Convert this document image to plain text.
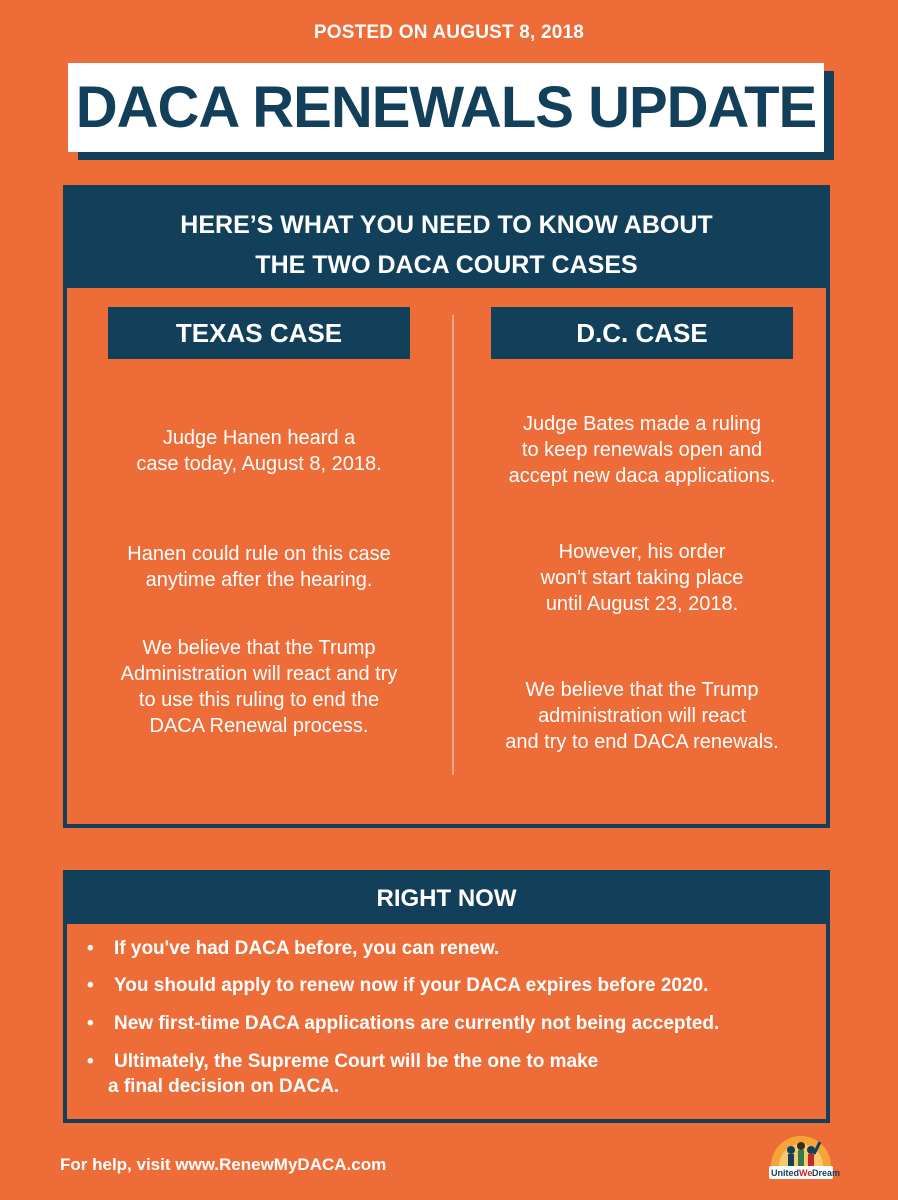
POSTED ON AUGUST 8, 2018
DACA RENEWALS UPDATE
HERE’S WHAT YOU NEED TO KNOW ABOUT
THE TWO DACA COURT CASES
TEXAS CASE	D.C. CASE
Judge Hanen heard a
case today, August 8, 2018.
Hanen could rule on this case
anytime after the hearing.
We believe that the Trump
Administration will react and try
to use this ruling to end the
DACA Renewal process.
Judge Bates made a ruling
to keep renewals open and
accept new daca applications.
However, his order
won't start taking place
until August 23, 2018.
We believe that the Trump
administration will react
and try to end DACA renewals.
RIGHT NOW
• If you've had DACA before, you can renew.
• You should apply to renew now if your DACA expires before 2020.
• New first-time DACA applications are currently not being accepted.
• Ultimately, the Supreme Court will be the one to make
a final decision on DACA.
For help, visit www.RenewMyDACA.com	United We Dream
